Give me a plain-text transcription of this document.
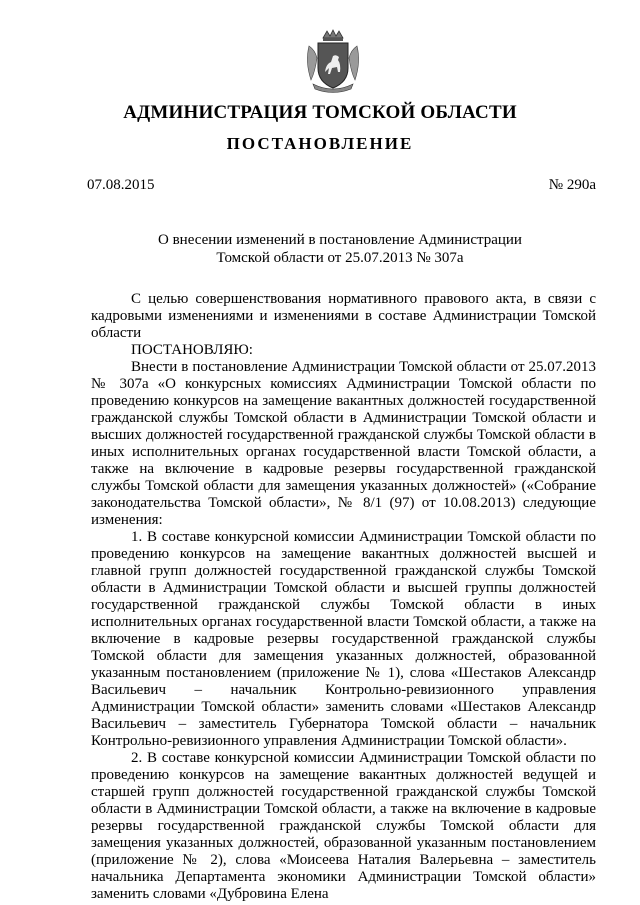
АДМИНИСТРАЦИЯ ТОМСКОЙ ОБЛАСТИ
ПОСТАНОВЛЕНИЕ
07.08.2015	№ 290а
О внесении изменений в постановление Администрации
Томской области от 25.07.2013 № 307а

С целью совершенствования нормативного правового акта, в связи с кадровыми изменениями и изменениями в составе Администрации Томской области

ПОСТАНОВЛЯЮ:

Внести в постановление Администрации Томской области от 25.07.2013 № 307а «О конкурсных комиссиях Администрации Томской области по проведению конкурсов на замещение вакантных должностей государственной гражданской службы Томской области в Администрации Томской области и высших должностей государственной гражданской службы Томской области в иных исполнительных органах государственной власти Томской области, а также на включение в кадровые резервы государственной гражданской службы Томской области для замещения указанных должностей» («Собрание законодательства Томской области», № 8/1 (97) от 10.08.2013) следующие изменения:

1. В составе конкурсной комиссии Администрации Томской области по проведению конкурсов на замещение вакантных должностей высшей и главной групп должностей государственной гражданской службы Томской области в Администрации Томской области и высшей группы должностей государственной гражданской службы Томской области в иных исполнительных органах государственной власти Томской области, а также на включение в кадровые резервы государственной гражданской службы Томской области для замещения указанных должностей, образованной указанным постановлением (приложение № 1), слова «Шестаков Александр Васильевич – начальник Контрольно-ревизионного управления Администрации Томской области» заменить словами «Шестаков Александр Васильевич – заместитель Губернатора Томской области – начальник Контрольно-ревизионного управления Администрации Томской области».

2. В составе конкурсной комиссии Администрации Томской области по проведению конкурсов на замещение вакантных должностей ведущей и старшей групп должностей государственной гражданской службы Томской области в Администрации Томской области, а также на включение в кадровые резервы государственной гражданской службы Томской области для замещения указанных должностей, образованной указанным постановлением (приложение № 2), слова «Моисеева Наталия Валерьевна – заместитель начальника Департамента экономики Администрации Томской области» заменить словами «Дубровина Елена
